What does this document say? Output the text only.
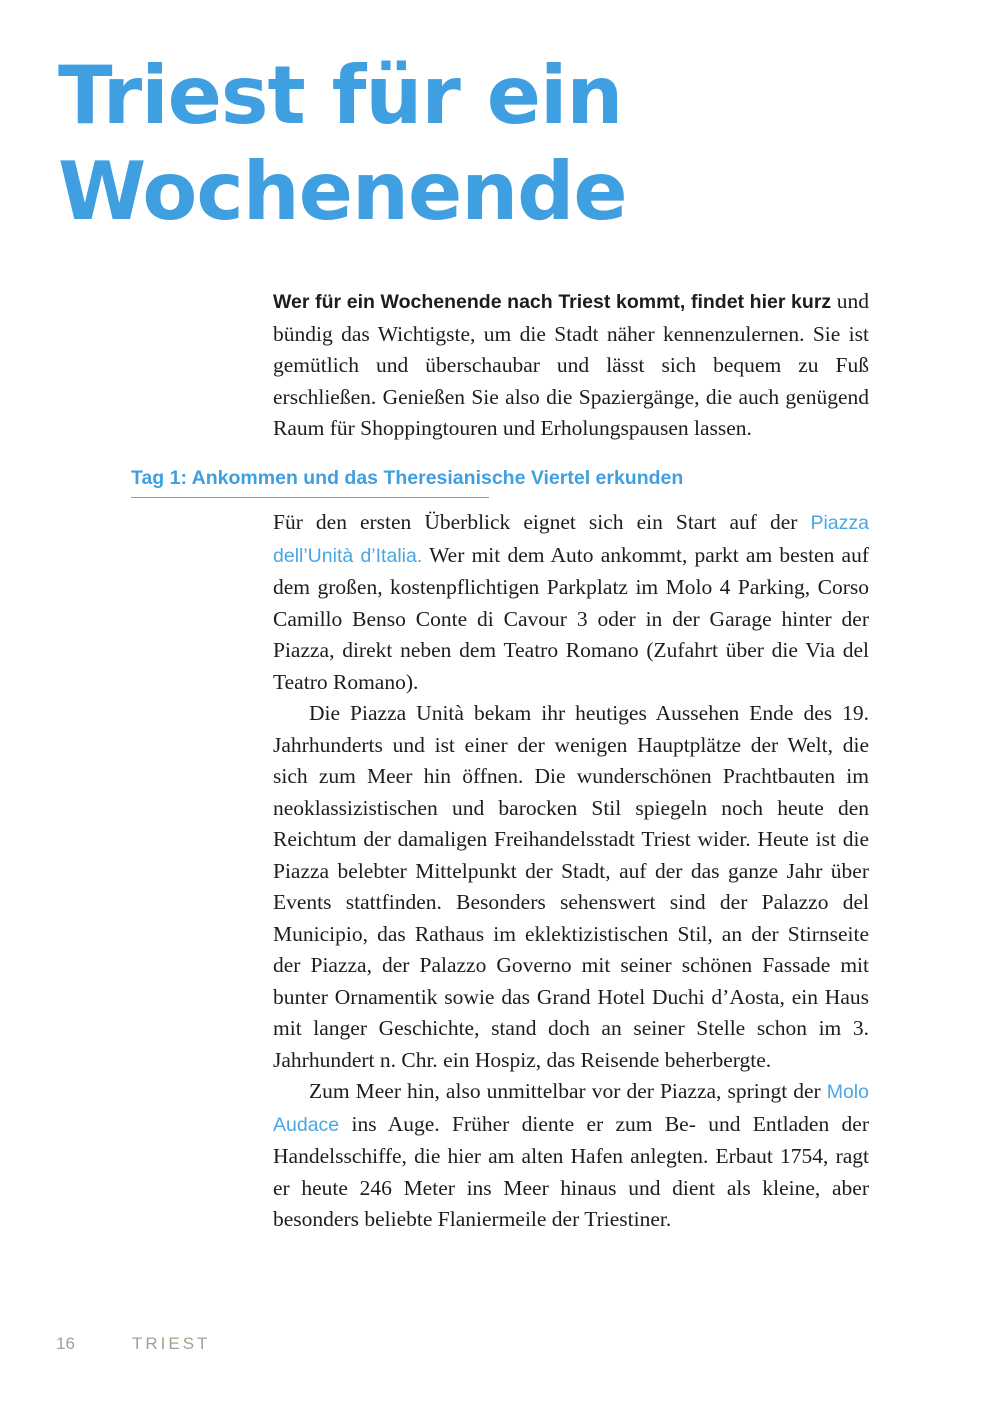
Triest für ein
Wochenende

Wer für ein Wochenende nach Triest kommt, findet hier kurz und bündig das Wichtigste, um die Stadt näher kennenzulernen. Sie ist gemütlich und überschaubar und lässt sich bequem zu Fuß erschließen. Genießen Sie also die Spaziergänge, die auch genügend Raum für Shoppingtouren und Erholungspausen lassen.

Tag 1: Ankommen und das Theresianische Viertel erkunden

Für den ersten Überblick eignet sich ein Start auf der Piazza dell’Unità d’Italia. Wer mit dem Auto ankommt, parkt am besten auf dem großen, kostenpflichtigen Parkplatz im Molo 4 Parking, Corso Camillo Benso Conte di Cavour 3 oder in der Garage hinter der Piazza, direkt neben dem Teatro Romano (Zufahrt über die Via del Teatro Romano).

Die Piazza Unità bekam ihr heutiges Aussehen Ende des 19. Jahrhunderts und ist einer der wenigen Hauptplätze der Welt, die sich zum Meer hin öffnen. Die wunderschönen Prachtbauten im neoklassizistischen und barocken Stil spiegeln noch heute den Reichtum der damaligen Freihandelsstadt Triest wider. Heute ist die Piazza belebter Mittelpunkt der Stadt, auf der das ganze Jahr über Events stattfinden. Besonders sehenswert sind der Palazzo del Municipio, das Rathaus im eklektizistischen Stil, an der Stirnseite der Piazza, der Palazzo Governo mit seiner schönen Fassade mit bunter Ornamentik sowie das Grand Hotel Duchi d’Aosta, ein Haus mit langer Geschichte, stand doch an seiner Stelle schon im 3. Jahrhundert n. Chr. ein Hospiz, das Reisende beherbergte.

Zum Meer hin, also unmittelbar vor der Piazza, springt der Molo Audace ins Auge. Früher diente er zum Be- und Entladen der Handelsschiffe, die hier am alten Hafen anlegten. Erbaut 1754, ragt er heute 246 Meter ins Meer hinaus und dient als kleine, aber besonders beliebte Flaniermeile der Triestiner.

16	TRIEST
